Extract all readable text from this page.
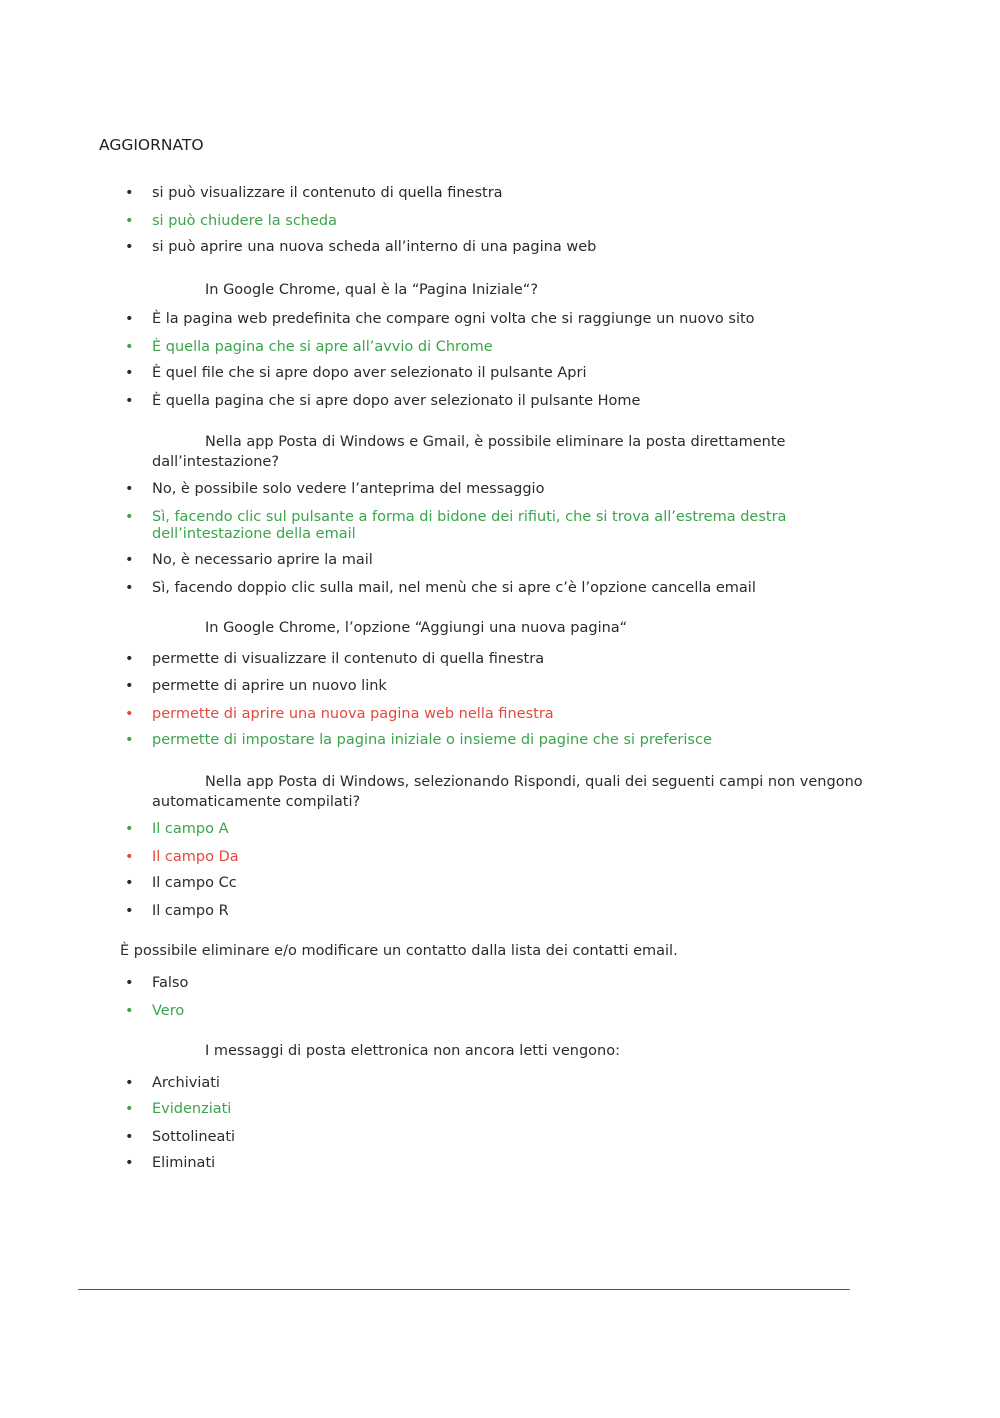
AGGIORNATO
• si può visualizzare il contenuto di quella finestra
• si può chiudere la scheda
• si può aprire una nuova scheda all’interno di una pagina web
In Google Chrome, qual è la “Pagina Iniziale“?
• È la pagina web predefinita che compare ogni volta che si raggiunge un nuovo sito
• È quella pagina che si apre all’avvio di Chrome
• È quel file che si apre dopo aver selezionato il pulsante Apri
• È quella pagina che si apre dopo aver selezionato il pulsante Home
Nella app Posta di Windows e Gmail, è possibile eliminare la posta direttamente
dall’intestazione?
• No, è possibile solo vedere l’anteprima del messaggio
• Sì, facendo clic sul pulsante a forma di bidone dei rifiuti, che si trova all’estrema destra dell’intestazione della email
• No, è necessario aprire la mail
• Sì, facendo doppio clic sulla mail, nel menù che si apre c’è l’opzione cancella email
In Google Chrome, l’opzione “Aggiungi una nuova pagina“
• permette di visualizzare il contenuto di quella finestra
• permette di aprire un nuovo link
• permette di aprire una nuova pagina web nella finestra
• permette di impostare la pagina iniziale o insieme di pagine che si preferisce
Nella app Posta di Windows, selezionando Rispondi, quali dei seguenti campi non vengono
automaticamente compilati?
• Il campo A
• Il campo Da
• Il campo Cc
• Il campo R
È possibile eliminare e/o modificare un contatto dalla lista dei contatti email.
• Falso
• Vero
I messaggi di posta elettronica non ancora letti vengono:
• Archiviati
• Evidenziati
• Sottolineati
• Eliminati
